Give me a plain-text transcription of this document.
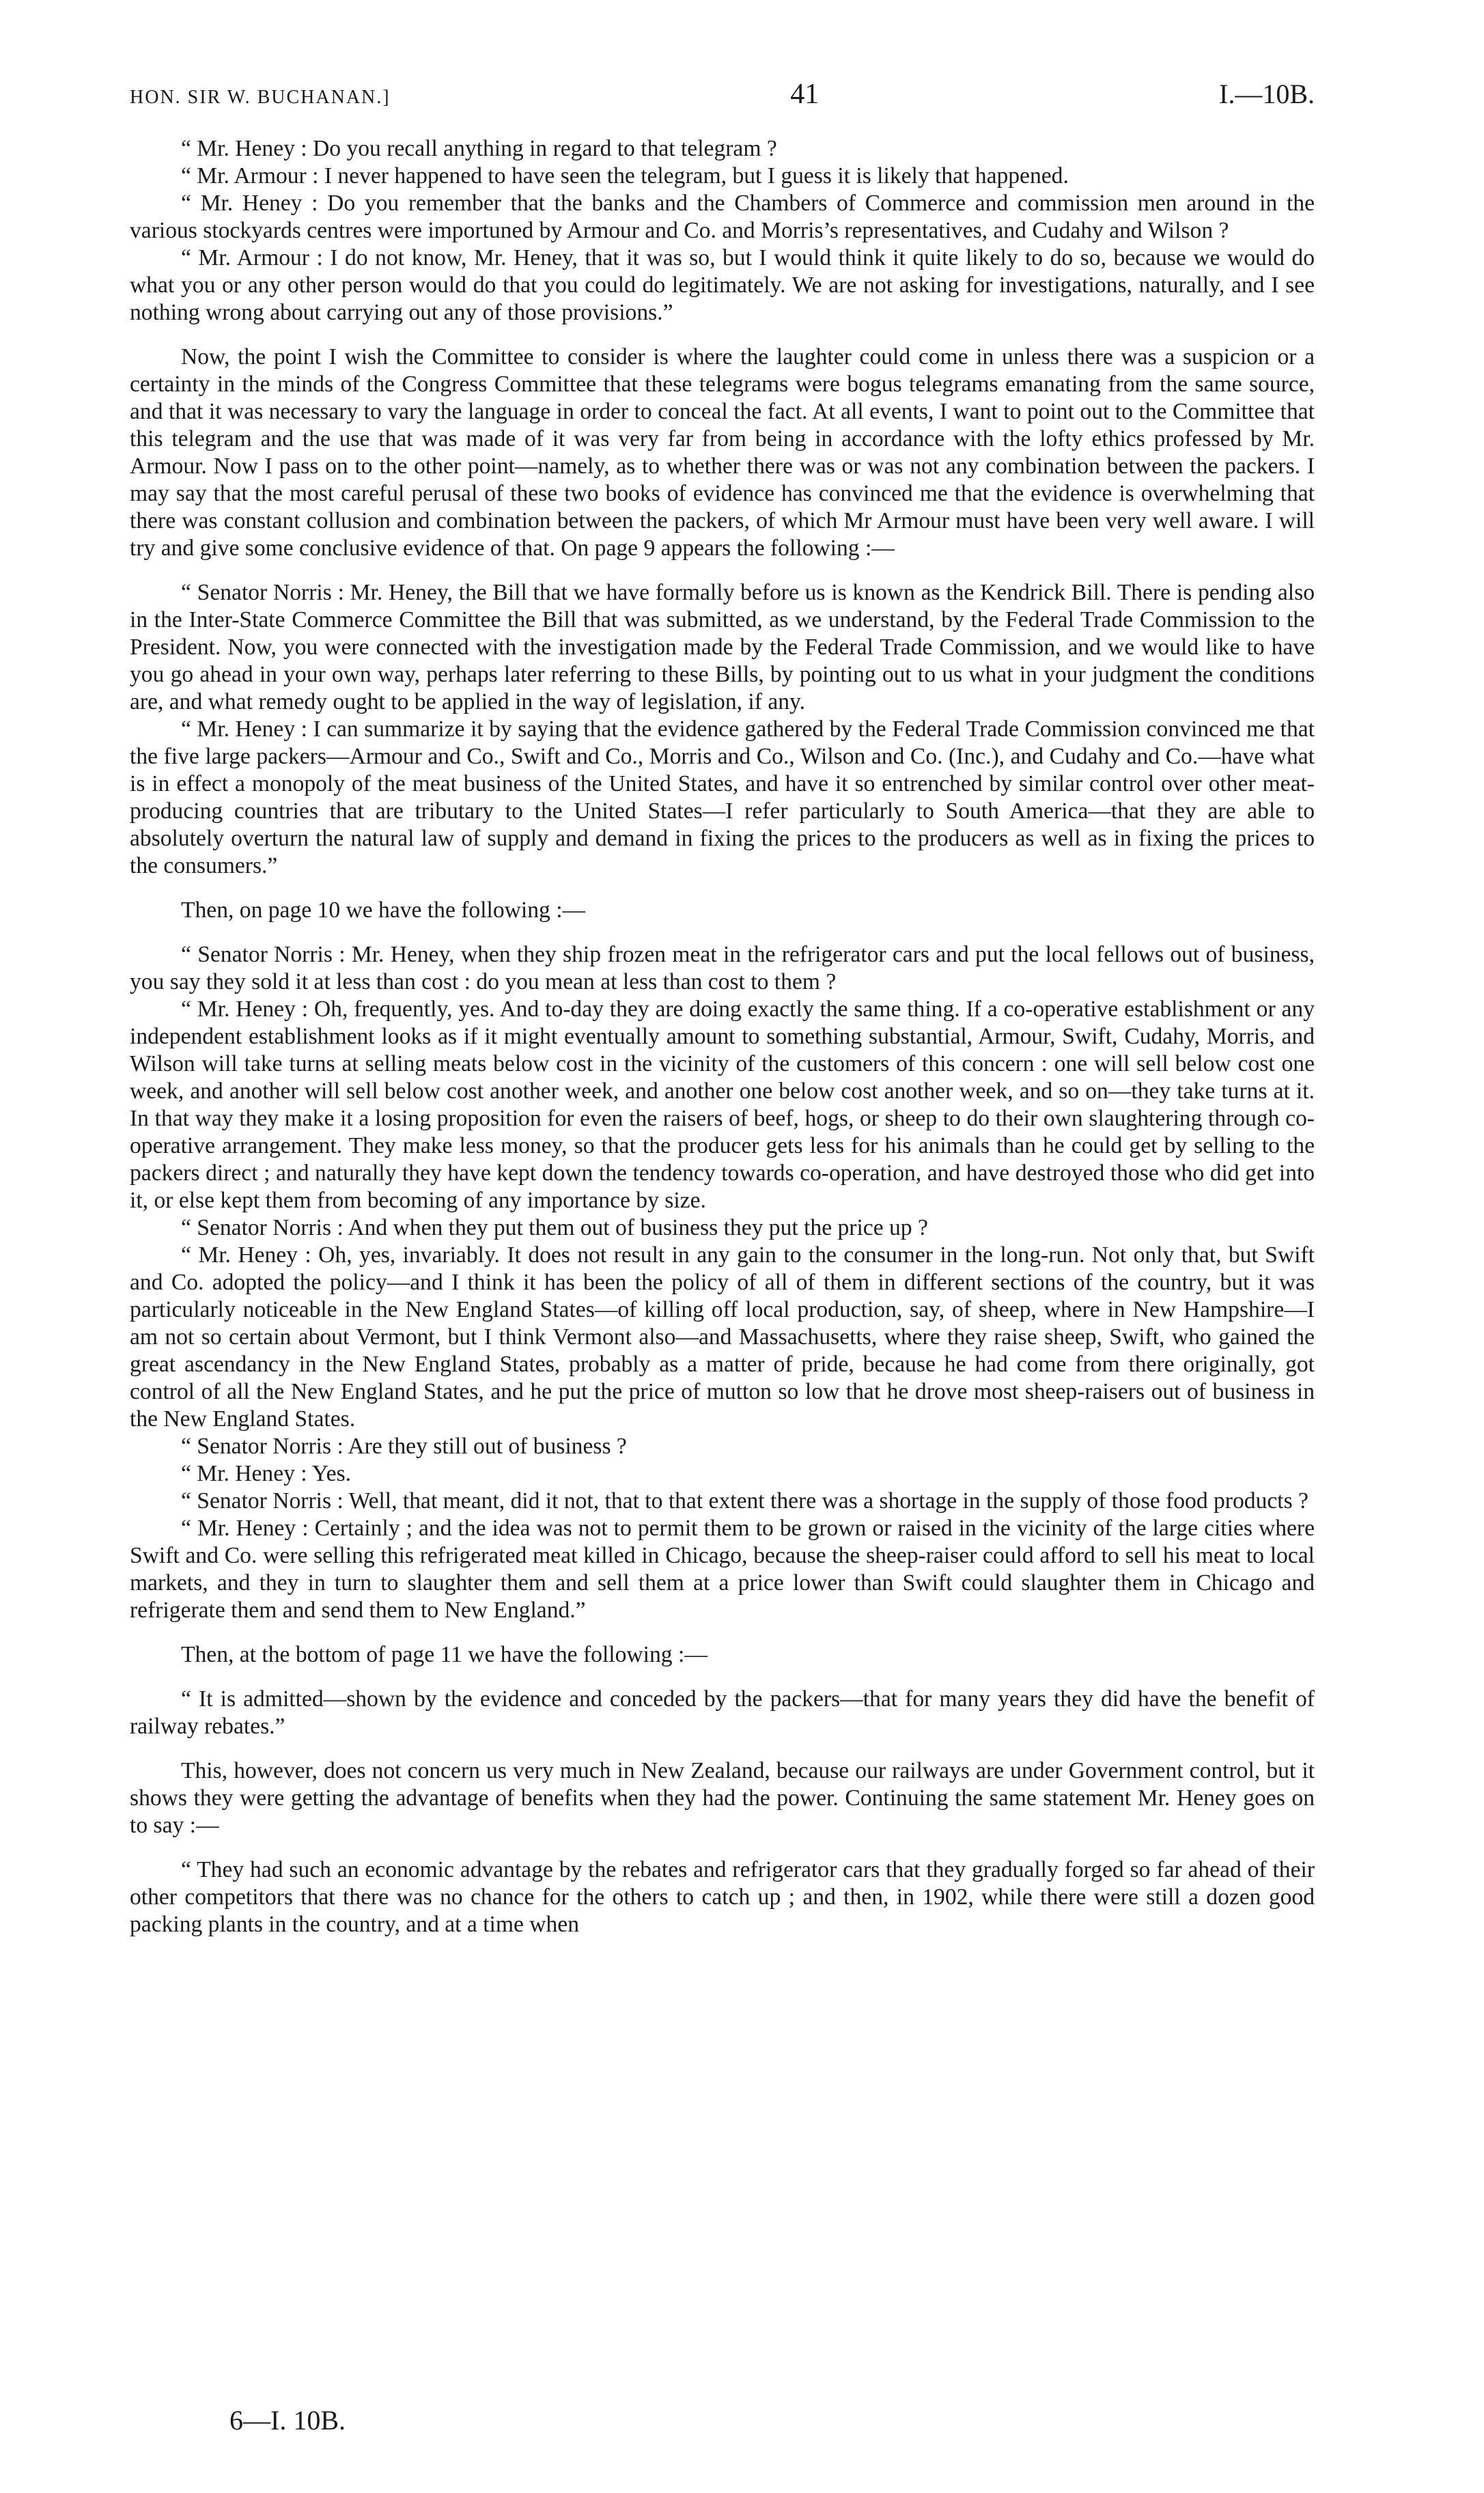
HON. SIR W. BUCHANAN.]	41	I.—10B.

“ Mr. Heney : Do you recall anything in regard to that telegram ?

“ Mr. Armour : I never happened to have seen the telegram, but I guess it is likely that happened.

“ Mr. Heney : Do you remember that the banks and the Chambers of Commerce and commission men around in the various stockyards centres were importuned by Armour and Co. and Morris’s representatives, and Cudahy and Wilson ?

“ Mr. Armour : I do not know, Mr. Heney, that it was so, but I would think it quite likely to do so, because we would do what you or any other person would do that you could do legitimately. We are not asking for investigations, naturally, and I see nothing wrong about carrying out any of those provisions.”

Now, the point I wish the Committee to consider is where the laughter could come in unless there was a suspicion or a certainty in the minds of the Congress Committee that these telegrams were bogus telegrams emanating from the same source, and that it was necessary to vary the language in order to conceal the fact. At all events, I want to point out to the Committee that this telegram and the use that was made of it was very far from being in accordance with the lofty ethics professed by Mr. Armour. Now I pass on to the other point—namely, as to whether there was or was not any combination between the packers. I may say that the most careful perusal of these two books of evidence has convinced me that the evidence is overwhelming that there was constant collusion and combination between the packers, of which Mr Armour must have been very well aware. I will try and give some conclusive evidence of that. On page 9 appears the following :—

“ Senator Norris : Mr. Heney, the Bill that we have formally before us is known as the Kendrick Bill. There is pending also in the Inter-State Commerce Committee the Bill that was submitted, as we understand, by the Federal Trade Commission to the President. Now, you were connected with the investigation made by the Federal Trade Commission, and we would like to have you go ahead in your own way, perhaps later referring to these Bills, by pointing out to us what in your judgment the conditions are, and what remedy ought to be applied in the way of legislation, if any.

“ Mr. Heney : I can summarize it by saying that the evidence gathered by the Federal Trade Commission convinced me that the five large packers—Armour and Co., Swift and Co., Morris and Co., Wilson and Co. (Inc.), and Cudahy and Co.—have what is in effect a monopoly of the meat business of the United States, and have it so entrenched by similar control over other meat-producing countries that are tributary to the United States—I refer particularly to South America—that they are able to absolutely overturn the natural law of supply and demand in fixing the prices to the producers as well as in fixing the prices to the consumers.”

Then, on page 10 we have the following :—

“ Senator Norris : Mr. Heney, when they ship frozen meat in the refrigerator cars and put the local fellows out of business, you say they sold it at less than cost : do you mean at less than cost to them ?

“ Mr. Heney : Oh, frequently, yes. And to-day they are doing exactly the same thing. If a co-operative establishment or any independent establishment looks as if it might eventually amount to something substantial, Armour, Swift, Cudahy, Morris, and Wilson will take turns at selling meats below cost in the vicinity of the customers of this concern : one will sell below cost one week, and another will sell below cost another week, and another one below cost another week, and so on—they take turns at it. In that way they make it a losing proposition for even the raisers of beef, hogs, or sheep to do their own slaughtering through co-operative arrangement. They make less money, so that the producer gets less for his animals than he could get by selling to the packers direct ; and naturally they have kept down the tendency towards co-operation, and have destroyed those who did get into it, or else kept them from becoming of any importance by size.

“ Senator Norris : And when they put them out of business they put the price up ?

“ Mr. Heney : Oh, yes, invariably. It does not result in any gain to the consumer in the long-run. Not only that, but Swift and Co. adopted the policy—and I think it has been the policy of all of them in different sections of the country, but it was particularly noticeable in the New England States—of killing off local production, say, of sheep, where in New Hampshire—I am not so certain about Vermont, but I think Vermont also—and Massachusetts, where they raise sheep, Swift, who gained the great ascendancy in the New England States, probably as a matter of pride, because he had come from there originally, got control of all the New England States, and he put the price of mutton so low that he drove most sheep-raisers out of business in the New England States.

“ Senator Norris : Are they still out of business ?

“ Mr. Heney : Yes.

“ Senator Norris : Well, that meant, did it not, that to that extent there was a shortage in the supply of those food products ?

“ Mr. Heney : Certainly ; and the idea was not to permit them to be grown or raised in the vicinity of the large cities where Swift and Co. were selling this refrigerated meat killed in Chicago, because the sheep-raiser could afford to sell his meat to local markets, and they in turn to slaughter them and sell them at a price lower than Swift could slaughter them in Chicago and refrigerate them and send them to New England.”

Then, at the bottom of page 11 we have the following :—

“ It is admitted—shown by the evidence and conceded by the packers—that for many years they did have the benefit of railway rebates.”

This, however, does not concern us very much in New Zealand, because our railways are under Government control, but it shows they were getting the advantage of benefits when they had the power. Continuing the same statement Mr. Heney goes on to say :—

“ They had such an economic advantage by the rebates and refrigerator cars that they gradually forged so far ahead of their other competitors that there was no chance for the others to catch up ; and then, in 1902, while there were still a dozen good packing plants in the country, and at a time when

6—I. 10B.
